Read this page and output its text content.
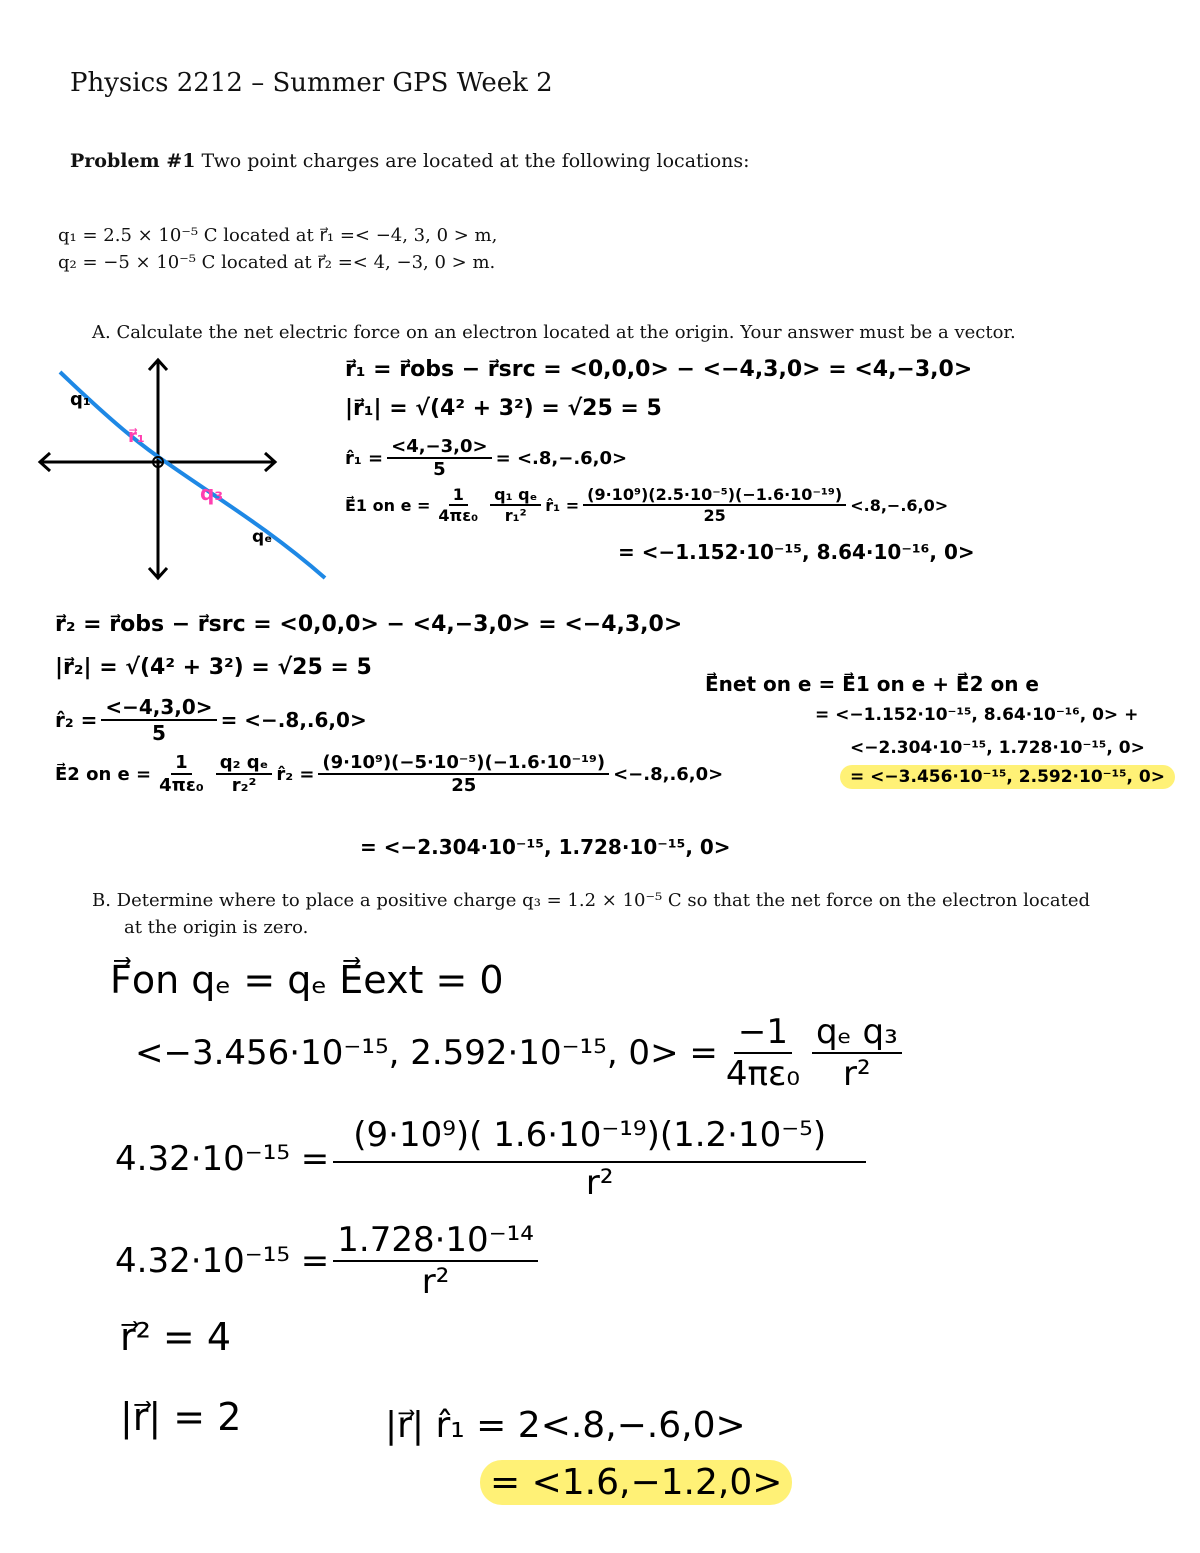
Physics 2212 – Summer GPS Week 2
Problem #1 Two point charges are located at the following locations:
q₁ = 2.5 × 10⁻⁵ C located at r⃗₁ =< −4, 3, 0 > m,
q₂ = −5 × 10⁻⁵ C located at r⃗₂ =< 4, −3, 0 > m.
A. Calculate the net electric force on an electron located at the origin. Your answer must be a vector.
q₁
r⃗₁
q₃
qₑ
r⃗₁ = r⃗obs − r⃗src = <0,0,0> − <−4,3,0> = <4,−3,0>
|r⃗₁| = √(4² + 3²) = √25 = 5
r̂₁ = $\frac{<4,-3,0>}{5} = <.8,-.6,0>$
E⃗1 on $e = \frac{1}{\text{4πε₀}} \frac{\text{q₁ qₑ}}{\text{r₁²}}$ r̂₁ = $\frac{\text{(9·10⁹)(2.5·10⁻⁵)(−1.6·10⁻¹⁹)}}{25} <.8,-.6,0>$
= <−1.152·10⁻¹⁵, 8.64·10⁻¹⁶, 0>
r⃗₂ = r⃗obs − r⃗src = <0,0,0> − <4,−3,0> = <−4,3,0>
|r⃗₂| = √(4² + 3²) = √25 = 5
r̂₂ = $\frac{<-4,3,0>}{5} = <-.8,.6,0>$
E⃗2 on $e = \frac{1}{\text{4πε₀}} \frac{\text{q₂ qₑ}}{\text{r₂²}}$ r̂₂ = $\frac{\text{(9·10⁹)(−5·10⁻⁵)(−1.6·10⁻¹⁹)}}{25} <-.8,.6,0>$
= <−2.304·10⁻¹⁵, 1.728·10⁻¹⁵, 0>
E⃗net on e = E⃗1 on e + E⃗2 on e
= <−1.152·10⁻¹⁵, 8.64·10⁻¹⁶, 0> +
<−2.304·10⁻¹⁵, 1.728·10⁻¹⁵, 0>
= <−3.456·10⁻¹⁵, 2.592·10⁻¹⁵, 0>
B. Determine where to place a positive charge q₃ = 1.2 × 10⁻⁵ C so that the net force on the electron located
at the origin is zero.
F⃗on qₑ = qₑ E⃗ext = 0
<−3.456·10⁻¹⁵, 2.592·10⁻¹⁵, $0> = \frac{-1}{\text{4πε₀}} \frac{\text{qₑ q₃}}{\text{r²}}$
$4.32\cdot 10^{-15} = \frac{\text{(9·10⁹)( 1.6·10⁻¹⁹)(1.2·10⁻⁵)}}{\text{r²}}$
$4.32\cdot 10^{-15} = \frac{\text{1.728·10⁻¹⁴}}{\text{r²}}$
r⃗² = 4
|r⃗| = 2	|r⃗| r̂₁ = 2<.8,−.6,0>
= <1.6,−1.2,0>
